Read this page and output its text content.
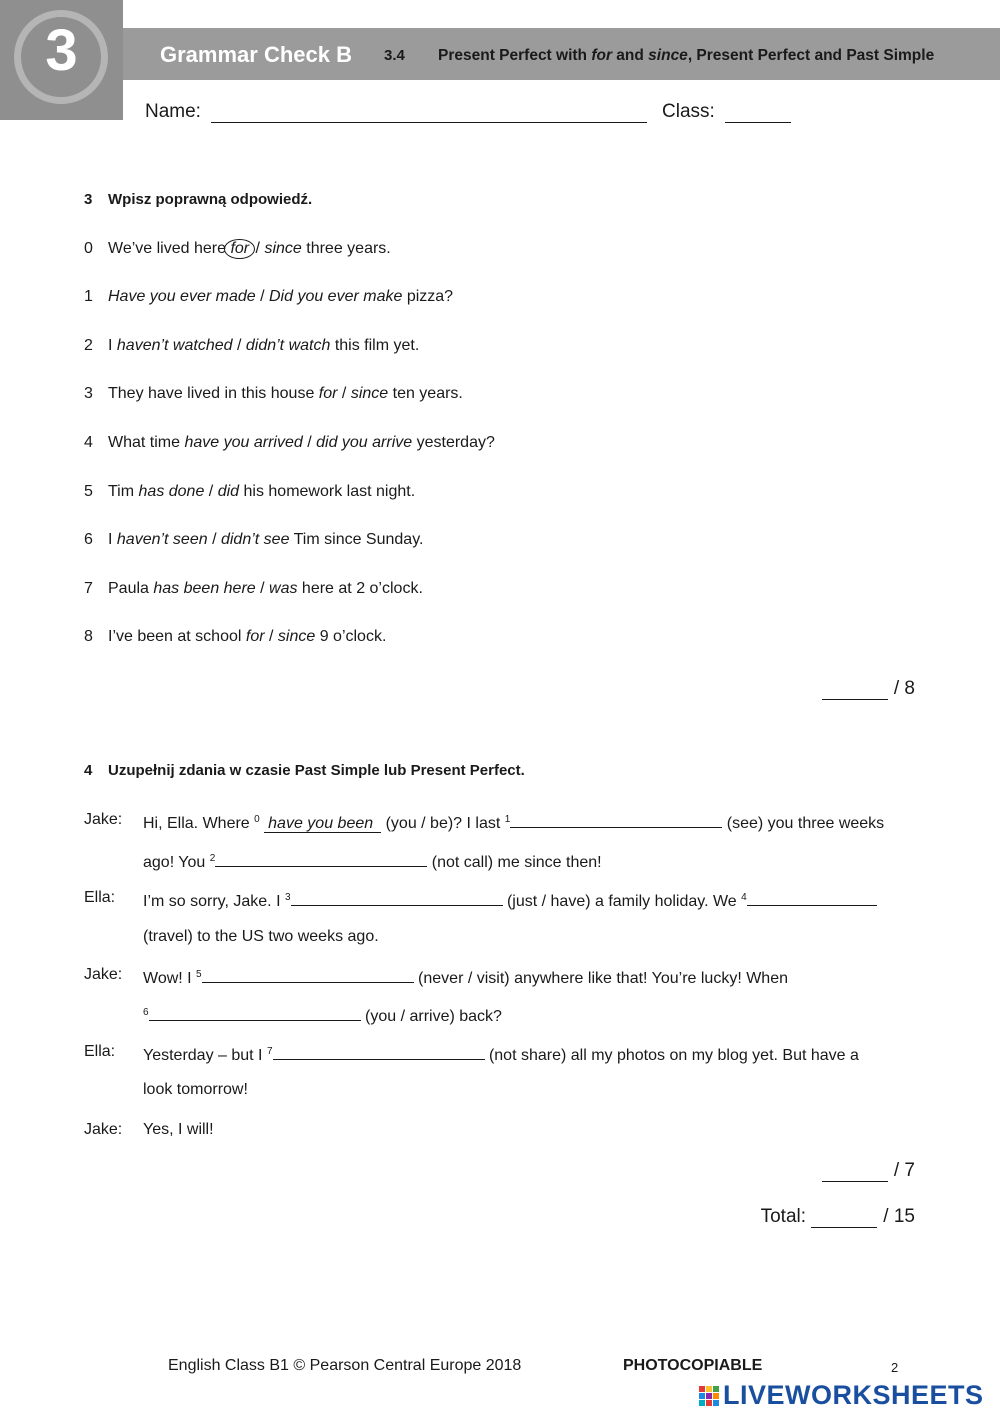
3	Grammar Check B 3.4 Present Perfect with for and since, Present Perfect and Past Simple
Name:	Class:
3 Wpisz poprawną odpowiedź.
0 We’ve lived here for / since three years.
1 Have you ever made / Did you ever make pizza?
2 I haven’t watched / didn’t watch this film yet.
3 They have lived in this house for / since ten years.
4 What time have you arrived / did you arrive yesterday?
5 Tim has done / did his homework last night.
6 I haven’t seen / didn’t see Tim since Sunday.
7 Paula has been here / was here at 2 o’clock.
8 I’ve been at school for / since 9 o’clock.
/ 8
4 Uzupełnij zdania w czasie Past Simple lub Present Perfect.
Jake: Hi, Ella. Where $^0$ have you been (you / be)? I last $^1$	(see) you three weeks
ago! You $^2$	(not call) me since then!
Ella: I’m so sorry, Jake. I $^3$	(just / have) a family holiday. We $^4$
(travel) to the US two weeks ago.
Jake: Wow! I $^5$	(never / visit) anywhere like that! You’re lucky! When
$^6$	(you / arrive) back?
Ella: Yesterday – but I $^7$	(not share) all my photos on my blog yet. But have a
look tomorrow!
Jake: Yes, I will!
/ 7
Total:	/ 15
English Class B1 © Pearson Central Europe 2018	PHOTOCOPIABLE	2
LIVEWORKSHEETS
